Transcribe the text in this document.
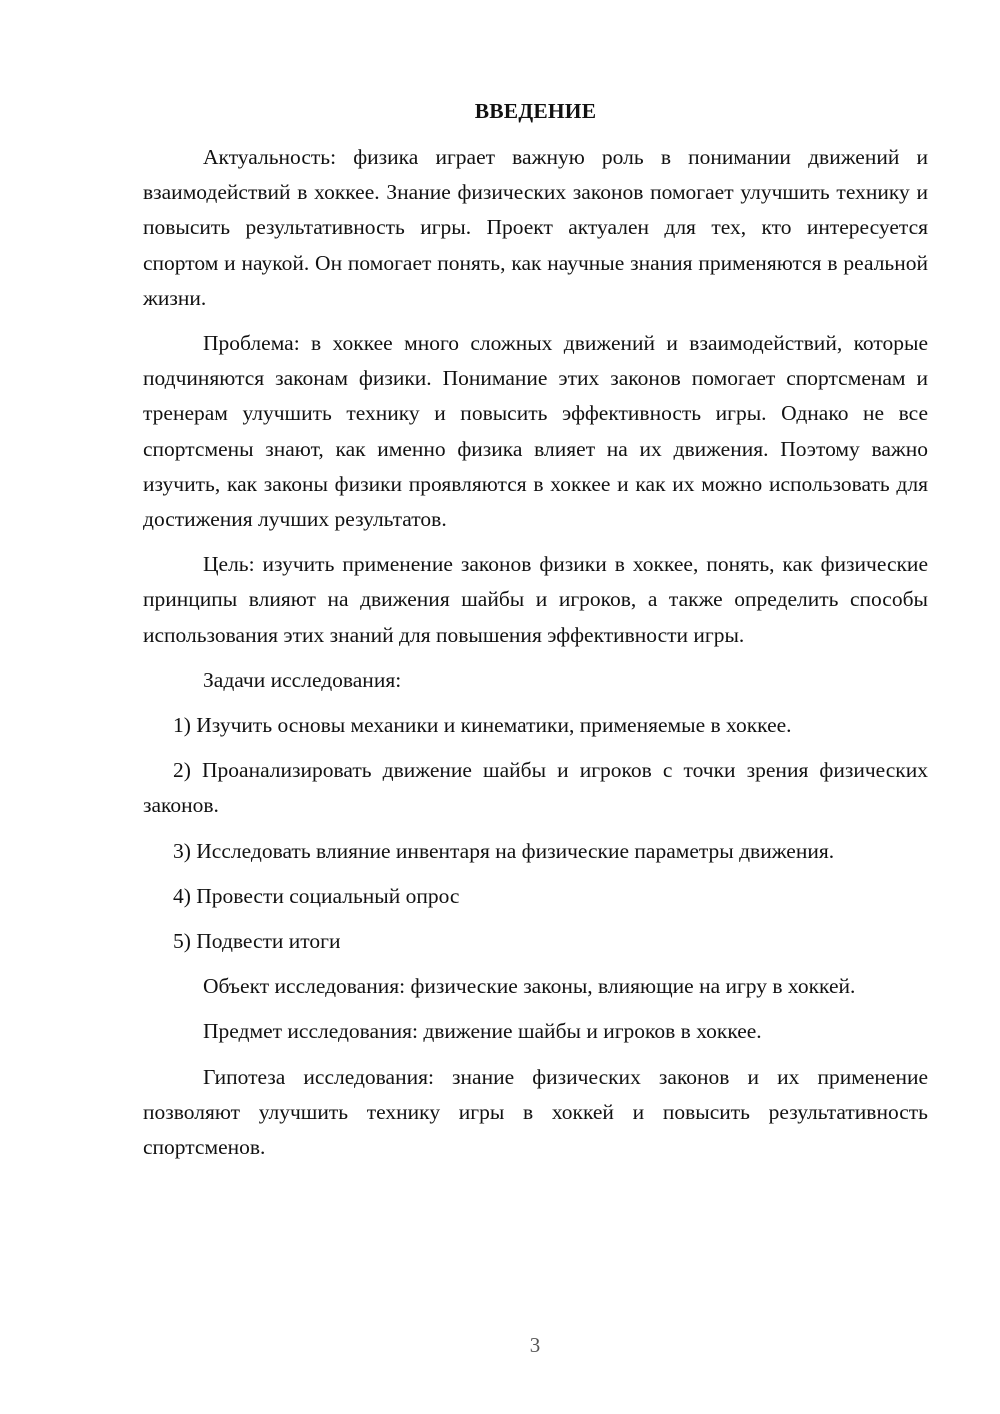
ВВЕДЕНИЕ

Актуальность: физика играет важную роль в понимании движений и взаимодействий в хоккее. Знание физических законов помогает улучшить технику и повысить результативность игры. Проект актуален для тех, кто интересуется спортом и наукой. Он помогает понять, как научные знания применяются в реальной жизни.

Проблема: в хоккее много сложных движений и взаимодействий, которые подчиняются законам физики. Понимание этих законов помогает спортсменам и тренерам улучшить технику и повысить эффективность игры. Однако не все спортсмены знают, как именно физика влияет на их движения. Поэтому важно изучить, как законы физики проявляются в хоккее и как их можно использовать для достижения лучших результатов.

Цель: изучить применение законов физики в хоккее, понять, как физические принципы влияют на движения шайбы и игроков, а также определить способы использования этих знаний для повышения эффективности игры.

Задачи исследования:

1) Изучить основы механики и кинематики, применяемые в хоккее.

2) Проанализировать движение шайбы и игроков с точки зрения физических законов.

3) Исследовать влияние инвентаря на физические параметры движения.

4) Провести социальный опрос

5) Подвести итоги

Объект исследования: физические законы, влияющие на игру в хоккей.

Предмет исследования: движение шайбы и игроков в хоккее.

Гипотеза исследования: знание физических законов и их применение позволяют улучшить технику игры в хоккей и повысить результативность спортсменов.

3
